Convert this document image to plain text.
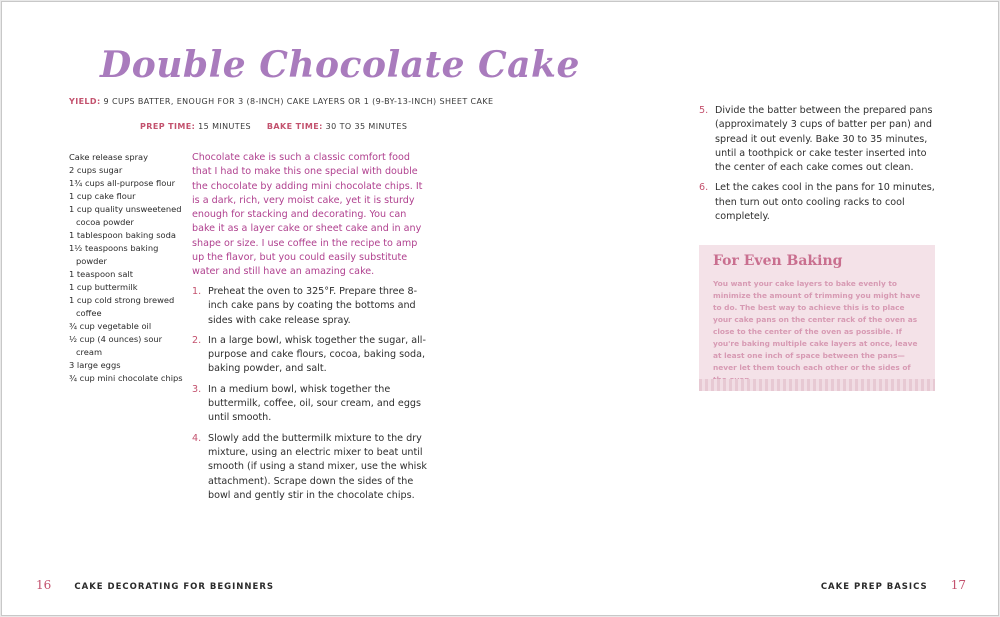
Double Chocolate Cake
YIELD: 9 CUPS BATTER, ENOUGH FOR 3 (8-INCH) CAKE LAYERS OR 1 (9-BY-13-INCH) SHEET CAKE
PREP TIME: 15 MINUTES BAKE TIME: 30 TO 35 MINUTES
Cake release spray
2 cups sugar
1¾ cups all-purpose flour
1 cup cake flour
1 cup quality unsweetened cocoa powder
1 tablespoon baking soda
1½ teaspoons baking powder
1 teaspoon salt
1 cup buttermilk
1 cup cold strong brewed coffee
¾ cup vegetable oil
½ cup (4 ounces) sour cream
3 large eggs
¾ cup mini chocolate chips

Chocolate cake is such a classic comfort food that I had to make this one special with double the chocolate by adding mini chocolate chips. It is a dark, rich, very moist cake, yet it is sturdy enough for stacking and decorating. You can bake it as a layer cake or sheet cake and in any shape or size. I use coffee in the recipe to amp up the flavor, but you could easily substitute water and still have an amazing cake.

1. Preheat the oven to 325°F. Prepare three 8-inch cake pans by coating the bottoms and sides with cake release spray.
2. In a large bowl, whisk together the sugar, all-purpose and cake flours, cocoa, baking soda, baking powder, and salt.
3. In a medium bowl, whisk together the buttermilk, coffee, oil, sour cream, and eggs until smooth.
4. Slowly add the buttermilk mixture to the dry mixture, using an electric mixer to beat until smooth (if using a stand mixer, use the whisk attachment). Scrape down the sides of the bowl and gently stir in the chocolate chips.
5. Divide the batter between the prepared pans (approximately 3 cups of batter per pan) and spread it out evenly. Bake 30 to 35 minutes, until a toothpick or cake tester inserted into the center of each cake comes out clean.
6. Let the cakes cool in the pans for 10 minutes, then turn out onto cooling racks to cool completely.
For Even Baking

You want your cake layers to bake evenly to minimize the amount of trimming you might have to do. The best way to achieve this is to place your cake pans on the center rack of the oven as close to the center of the oven as possible. If you're baking multiple cake layers at once, leave at least one inch of space between the pans—never let them touch each other or the sides of

16	CAKE DECORATING FOR BEGINNERS	CAKE PREP BASICS 17
